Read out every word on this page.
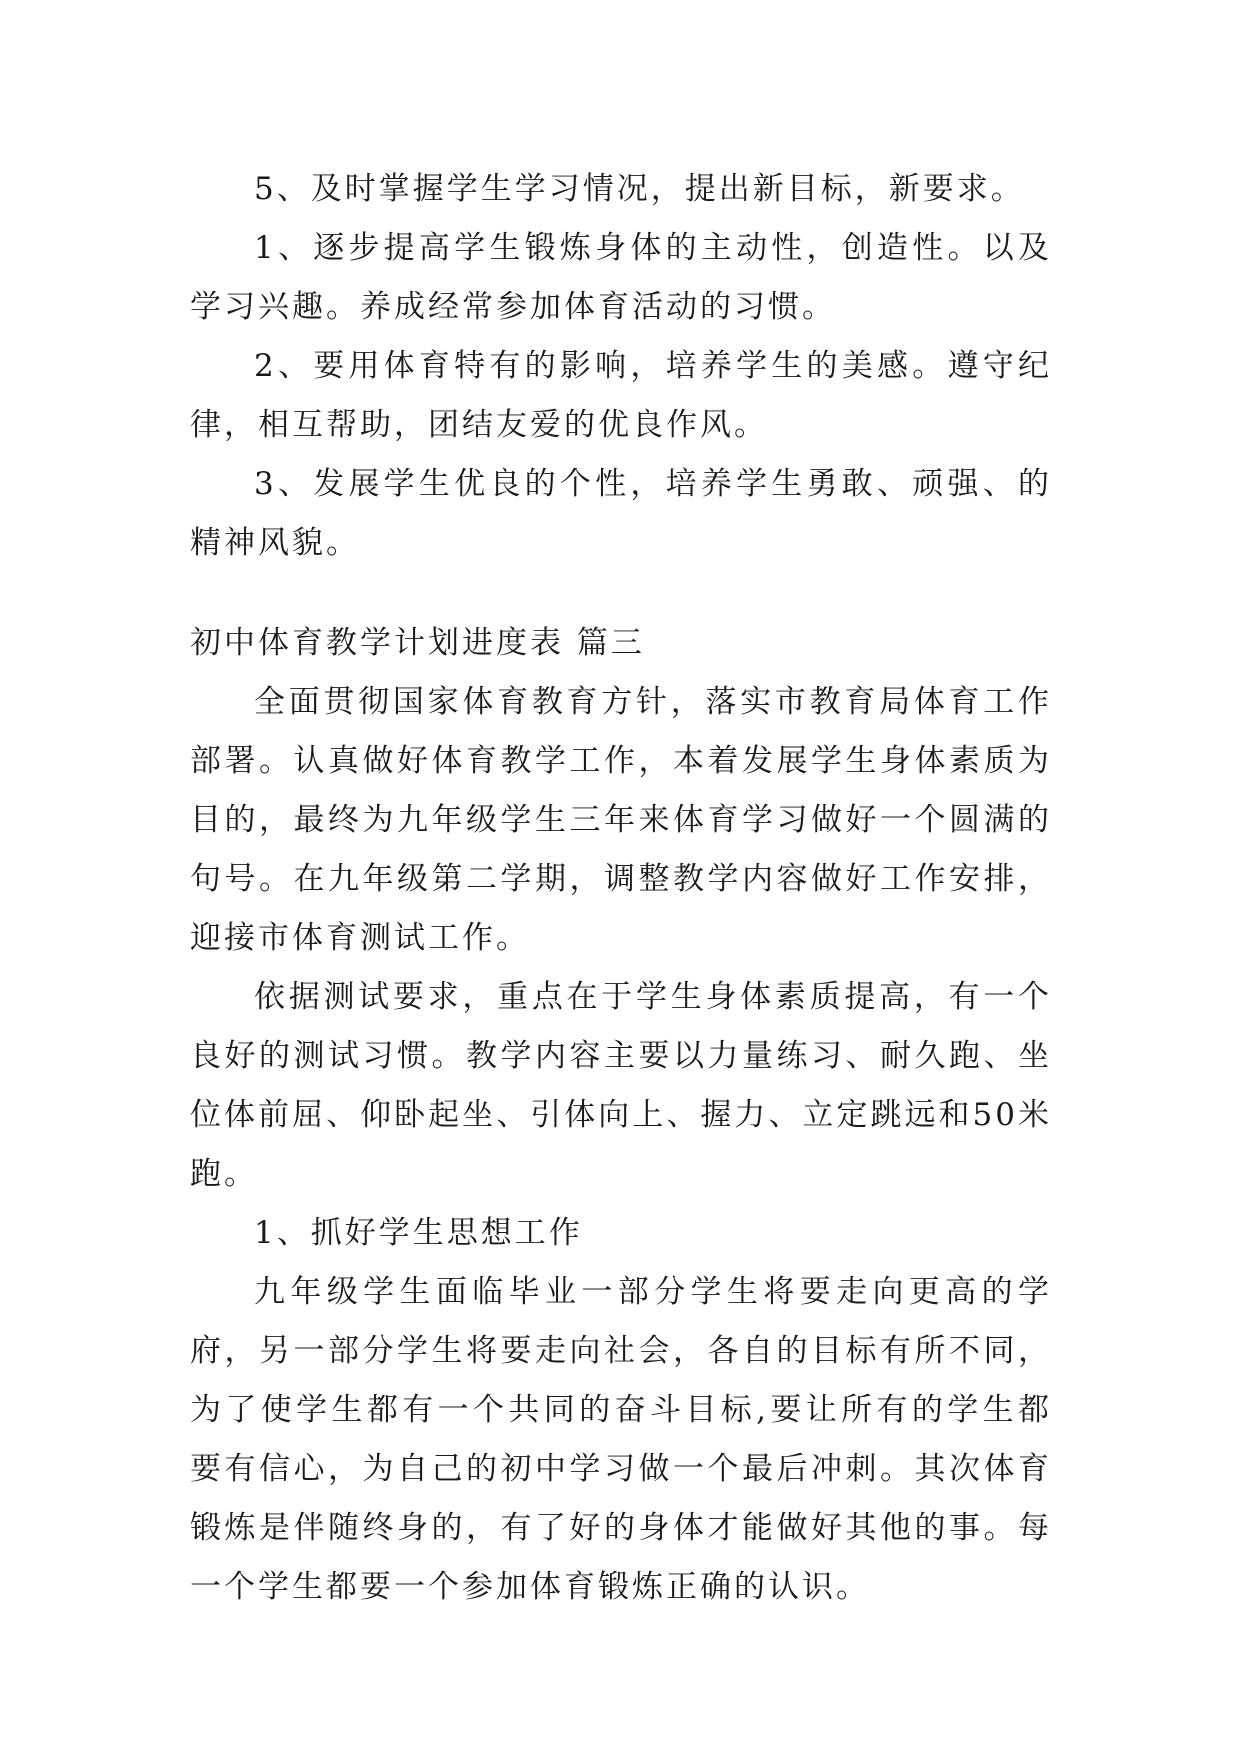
5、及时掌握学生学习情况，提出新目标，新要求。

1、逐步提高学生锻炼身体的主动性，创造性。以及学习兴趣。养成经常参加体育活动的习惯。

2、要用体育特有的影响，培养学生的美感。遵守纪律，相互帮助，团结友爱的优良作风。

3、发展学生优良的个性，培养学生勇敢、顽强、的精神风貌。

初中体育教学计划进度表 篇三

全面贯彻国家体育教育方针，落实市教育局体育工作部署。认真做好体育教学工作，本着发展学生身体素质为目的，最终为九年级学生三年来体育学习做好一个圆满的句号。在九年级第二学期，调整教学内容做好工作安排，迎接市体育测试工作。

依据测试要求，重点在于学生身体素质提高，有一个良好的测试习惯。教学内容主要以力量练习、耐久跑、坐位体前屈、仰卧起坐、引体向上、握力、立定跳远和50米跑。

1、抓好学生思想工作

九年级学生面临毕业一部分学生将要走向更高的学府，另一部分学生将要走向社会，各自的目标有所不同，为了使学生都有一个共同的奋斗目标,要让所有的学生都要有信心，为自己的初中学习做一个最后冲刺。其次体育锻炼是伴随终身的，有了好的身体才能做好其他的事。每一个学生都要一个参加体育锻炼正确的认识。
